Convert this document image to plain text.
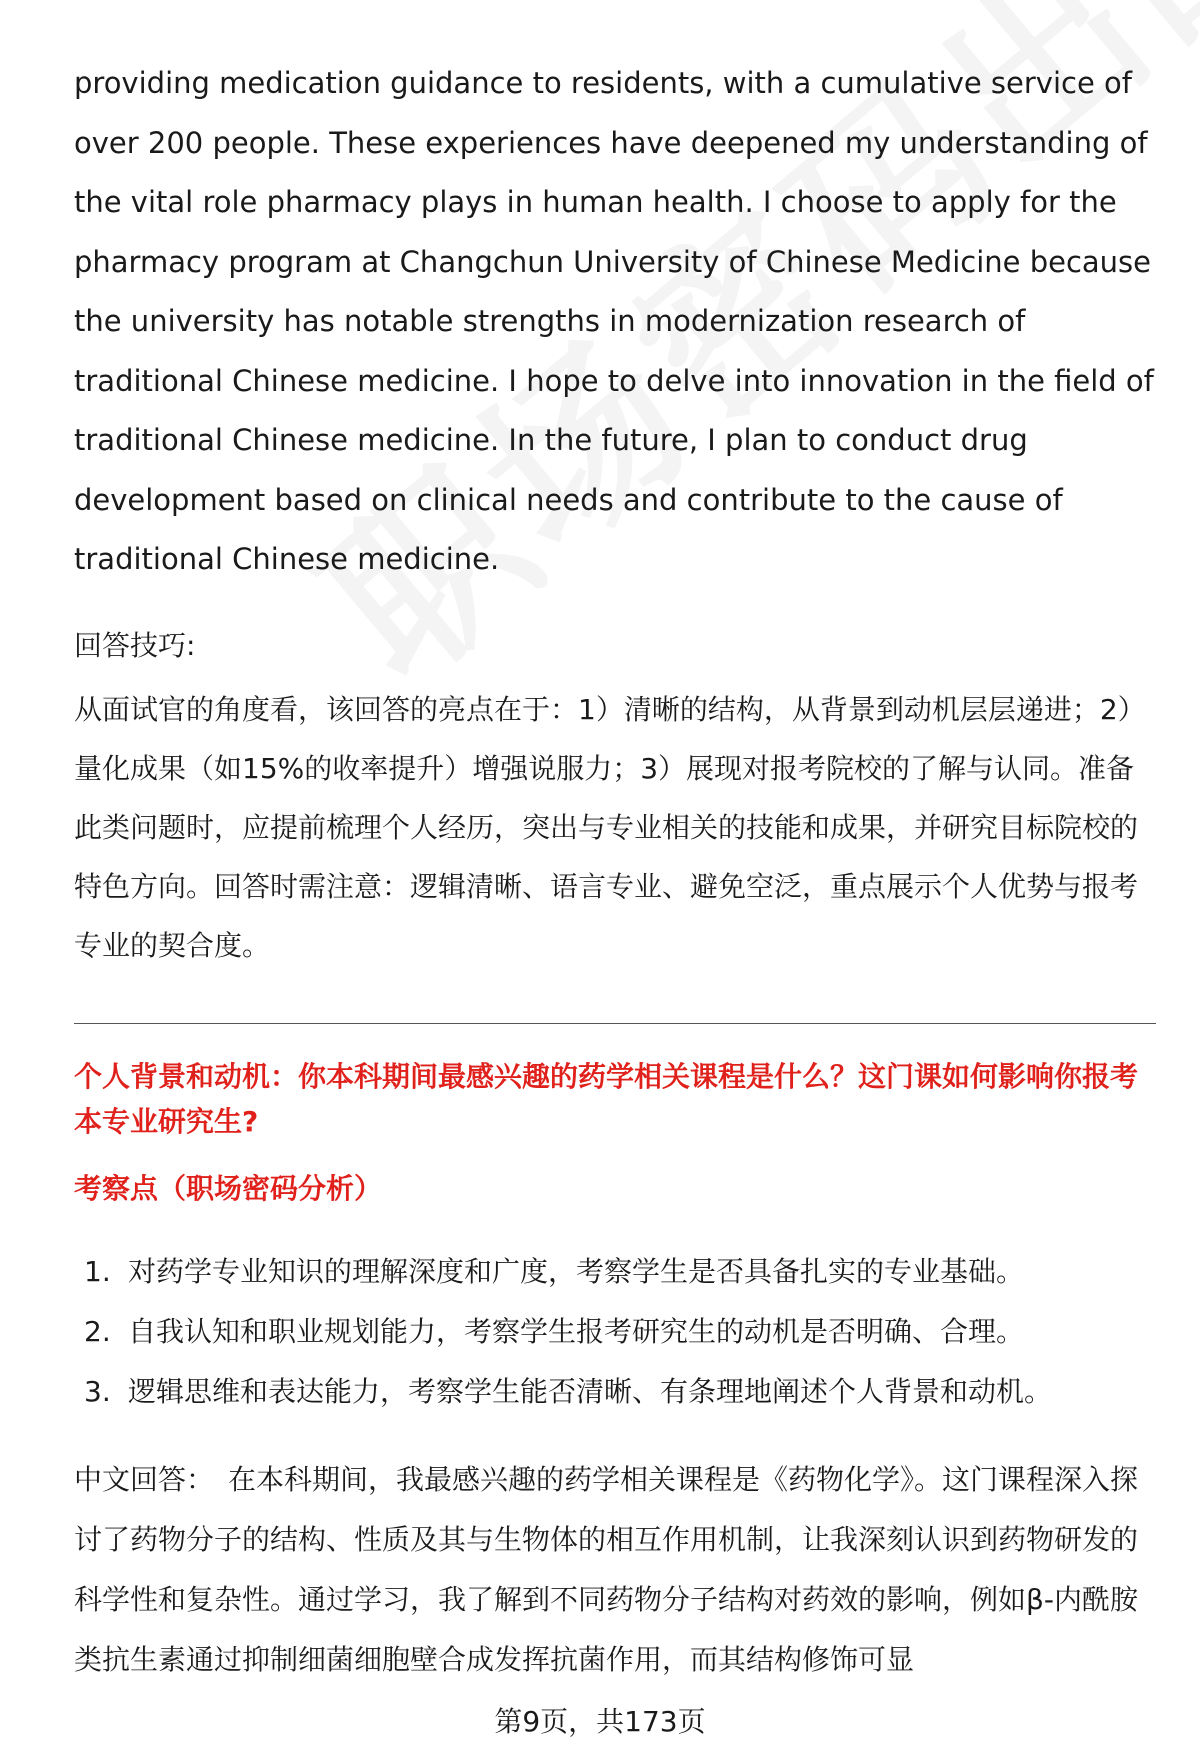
providing medication guidance to residents, with a cumulative service of over 200 people. These experiences have deepened my understanding of the vital role pharmacy plays in human health. I choose to apply for the pharmacy program at Changchun University of Chinese Medicine because the university has notable strengths in modernization research of traditional Chinese medicine. I hope to delve into innovation in the field of traditional Chinese medicine. In the future, I plan to conduct drug development based on clinical needs and contribute to the cause of traditional Chinese medicine.

回答技巧:

从面试官的角度看，该回答的亮点在于：1）清晰的结构，从背景到动机层层递进；2）量化成果（如15%的收率提升）增强说服力；3）展现对报考院校的了解与认同。准备此类问题时，应提前梳理个人经历，突出与专业相关的技能和成果，并研究目标院校的特色方向。回答时需注意：逻辑清晰、语言专业、避免空泛，重点展示个人优势与报考专业的契合度。

个人背景和动机：你本科期间最感兴趣的药学相关课程是什么？这门课如何影响你报考本专业研究生?

考察点（职场密码分析）

1. 对药学专业知识的理解深度和广度，考察学生是否具备扎实的专业基础。
2. 自我认知和职业规划能力，考察学生报考研究生的动机是否明确、合理。
3. 逻辑思维和表达能力，考察学生能否清晰、有条理地阐述个人背景和动机。

中文回答： 在本科期间，我最感兴趣的药学相关课程是《药物化学》。这门课程深入探讨了药物分子的结构、性质及其与生物体的相互作用机制，让我深刻认识到药物研发的科学性和复杂性。通过学习，我了解到不同药物分子结构对药效的影响，例如β-内酰胺类抗生素通过抑制细菌细胞壁合成发挥抗菌作用，而其结构修饰可显

第9页，共173页
